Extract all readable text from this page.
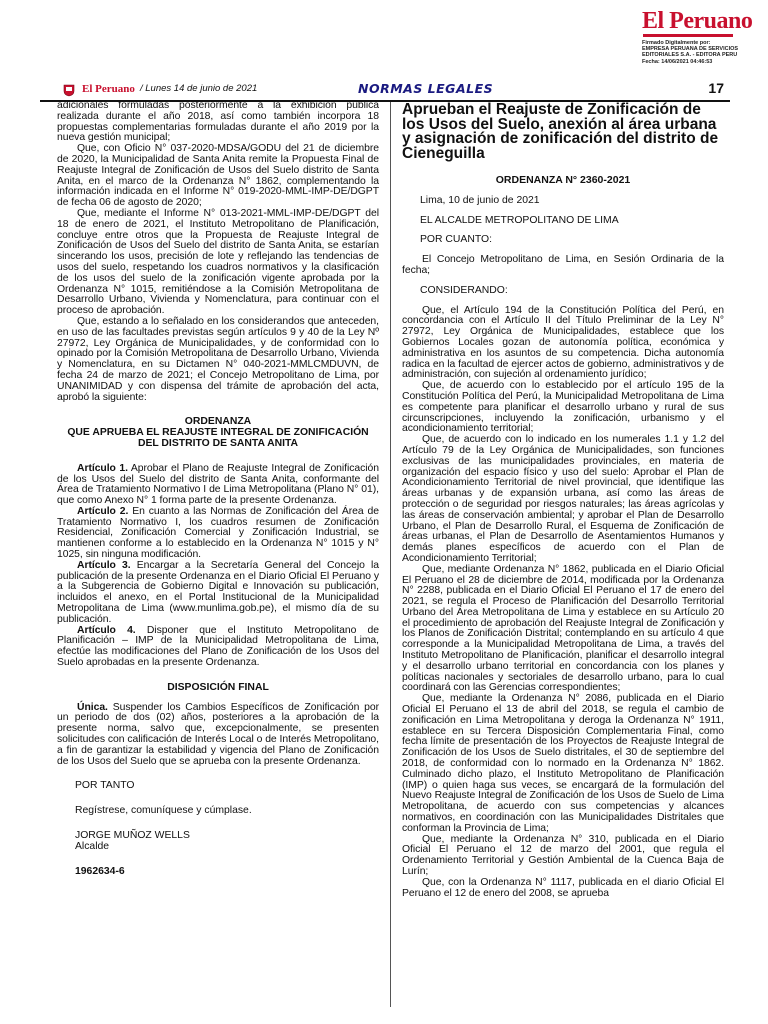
El Peruano
Firmado Digitalmente por:
EMPRESA PERUANA DE SERVICIOS
EDITORIALES S.A. - EDITORA PERU
Fecha: 14/06/2021 04:46:53
El Peruano / Lunes 14 de junio de 2021	NORMAS LEGALES	17

adicionales formuladas posteriormente a la exhibición pública realizada durante el año 2018, así como también incorpora 18 propuestas complementarias formuladas durante el año 2019 por la nueva gestión municipal;

Que, con Oficio N° 037-2020-MDSA/GODU del 21 de diciembre de 2020, la Municipalidad de Santa Anita remite la Propuesta Final de Reajuste Integral de Zonificación de Usos del Suelo distrito de Santa Anita, en el marco de la Ordenanza N° 1862, complementando la información indicada en el Informe N° 019-2020-MML-IMP-DE/DGPT de fecha 06 de agosto de 2020;

Que, mediante el Informe N° 013-2021-MML-IMP-DE/DGPT del 18 de enero de 2021, el Instituto Metropolitano de Planificación, concluye entre otros que la Propuesta de Reajuste Integral de Zonificación de Usos del Suelo del distrito de Santa Anita, se estarían sincerando los usos, precisión de lote y reflejando las tendencias de usos del suelo, respetando los cuadros normativos y la clasificación de los usos del suelo de la zonificación vigente aprobada por la Ordenanza N° 1015, remitiéndose a la Comisión Metropolitana de Desarrollo Urbano, Vivienda y Nomenclatura, para continuar con el proceso de aprobación.

Que, estando a lo señalado en los considerandos que anteceden, en uso de las facultades previstas según artículos 9 y 40 de la Ley Nº 27972, Ley Orgánica de Municipalidades, y de conformidad con lo opinado por la Comisión Metropolitana de Desarrollo Urbano, Vivienda y Nomenclatura, en su Dictamen N° 040-2021-MMLCMDUVN, de fecha 24 de marzo de 2021; el Concejo Metropolitano de Lima, por UNANIMIDAD y con dispensa del trámite de aprobación del acta, aprobó la siguiente:

ORDENANZA

QUE APRUEBA EL REAJUSTE INTEGRAL DE ZONIFICACIÓN DEL DISTRITO DE SANTA ANITA

Artículo 1. Aprobar el Plano de Reajuste Integral de Zonificación de los Usos del Suelo del distrito de Santa Anita, conformante del Área de Tratamiento Normativo I de Lima Metropolitana (Plano N° 01), que como Anexo N° 1 forma parte de la presente Ordenanza.

Artículo 2. En cuanto a las Normas de Zonificación del Área de Tratamiento Normativo I, los cuadros resumen de Zonificación Residencial, Zonificación Comercial y Zonificación Industrial, se mantienen conforme a lo establecido en la Ordenanza N° 1015 y N° 1025, sin ninguna modificación.

Artículo 3. Encargar a la Secretaría General del Concejo la publicación de la presente Ordenanza en el Diario Oficial El Peruano y a la Subgerencia de Gobierno Digital e Innovación su publicación, incluidos el anexo, en el Portal Institucional de la Municipalidad Metropolitana de Lima (www.munlima.gob.pe), el mismo día de su publicación.

Artículo 4. Disponer que el Instituto Metropolitano de Planificación – IMP de la Municipalidad Metropolitana de Lima, efectúe las modificaciones del Plano de Zonificación de los Usos del Suelo aprobadas en la presente Ordenanza.

DISPOSICIÓN FINAL

Única. Suspender los Cambios Específicos de Zonificación por un periodo de dos (02) años, posteriores a la aprobación de la presente norma, salvo que, excepcionalmente, se presenten solicitudes con calificación de Interés Local o de Interés Metropolitano, a fin de garantizar la estabilidad y vigencia del Plano de Zonificación de los Usos del Suelo que se aprueba con la presente Ordenanza.

POR TANTO

Regístrese, comuníquese y cúmplase.

JORGE MUÑOZ WELLS

Alcalde

1962634-6

Aprueban el Reajuste de Zonificación de los Usos del Suelo, anexión al área urbana y asignación de zonificación del distrito de Cieneguilla

ORDENANZA N° 2360-2021

Lima, 10 de junio de 2021

EL ALCALDE METROPOLITANO DE LIMA

POR CUANTO:

El Concejo Metropolitano de Lima, en Sesión Ordinaria de la fecha;

CONSIDERANDO:

Que, el Artículo 194 de la Constitución Política del Perú, en concordancia con el Artículo II del Título Preliminar de la Ley N° 27972, Ley Orgánica de Municipalidades, establece que los Gobiernos Locales gozan de autonomía política, económica y administrativa en los asuntos de su competencia. Dicha autonomía radica en la facultad de ejercer actos de gobierno, administrativos y de administración, con sujeción al ordenamiento jurídico;

Que, de acuerdo con lo establecido por el artículo 195 de la Constitución Política del Perú, la Municipalidad Metropolitana de Lima es competente para planificar el desarrollo urbano y rural de sus circunscripciones, incluyendo la zonificación, urbanismo y el acondicionamiento territorial;

Que, de acuerdo con lo indicado en los numerales 1.1 y 1.2 del Artículo 79 de la Ley Orgánica de Municipalidades, son funciones exclusivas de las municipalidades provinciales, en materia de organización del espacio físico y uso del suelo: Aprobar el Plan de Acondicionamiento Territorial de nivel provincial, que identifique las áreas urbanas y de expansión urbana, así como las áreas de protección o de seguridad por riesgos naturales; las áreas agrícolas y las áreas de conservación ambiental; y aprobar el Plan de Desarrollo Urbano, el Plan de Desarrollo Rural, el Esquema de Zonificación de áreas urbanas, el Plan de Desarrollo de Asentamientos Humanos y demás planes específicos de acuerdo con el Plan de Acondicionamiento Territorial;

Que, mediante Ordenanza N° 1862, publicada en el Diario Oficial El Peruano el 28 de diciembre de 2014, modificada por la Ordenanza N° 2288, publicada en el Diario Oficial El Peruano el 17 de enero del 2021, se regula el Proceso de Planificación del Desarrollo Territorial Urbano del Área Metropolitana de Lima y establece en su Artículo 20 el procedimiento de aprobación del Reajuste Integral de Zonificación y los Planos de Zonificación Distrital; contemplando en su artículo 4 que corresponde a la Municipalidad Metropolitana de Lima, a través del Instituto Metropolitano de Planificación, planificar el desarrollo integral y el desarrollo urbano territorial en concordancia con los planes y políticas nacionales y sectoriales de desarrollo urbano, para lo cual coordinará con las Gerencias correspondientes;

Que, mediante la Ordenanza N° 2086, publicada en el Diario Oficial El Peruano el 13 de abril del 2018, se regula el cambio de zonificación en Lima Metropolitana y deroga la Ordenanza N° 1911, establece en su Tercera Disposición Complementaria Final, como fecha límite de presentación de los Proyectos de Reajuste Integral de Zonificación de los Usos de Suelo distritales, el 30 de septiembre del 2018, de conformidad con lo normado en la Ordenanza N° 1862. Culminado dicho plazo, el Instituto Metropolitano de Planificación (IMP) o quien haga sus veces, se encargará de la formulación del Nuevo Reajuste Integral de Zonificación de los Usos de Suelo de Lima Metropolitana, de acuerdo con sus competencias y alcances normativos, en coordinación con las Municipalidades Distritales que conforman la Provincia de Lima;

Que, mediante la Ordenanza N° 310, publicada en el Diario Oficial El Peruano el 12 de marzo del 2001, que regula el Ordenamiento Territorial y Gestión Ambiental de la Cuenca Baja de Lurín;

Que, con la Ordenanza N° 1117, publicada en el diario Oficial El Peruano el 12 de enero del 2008, se aprueba
